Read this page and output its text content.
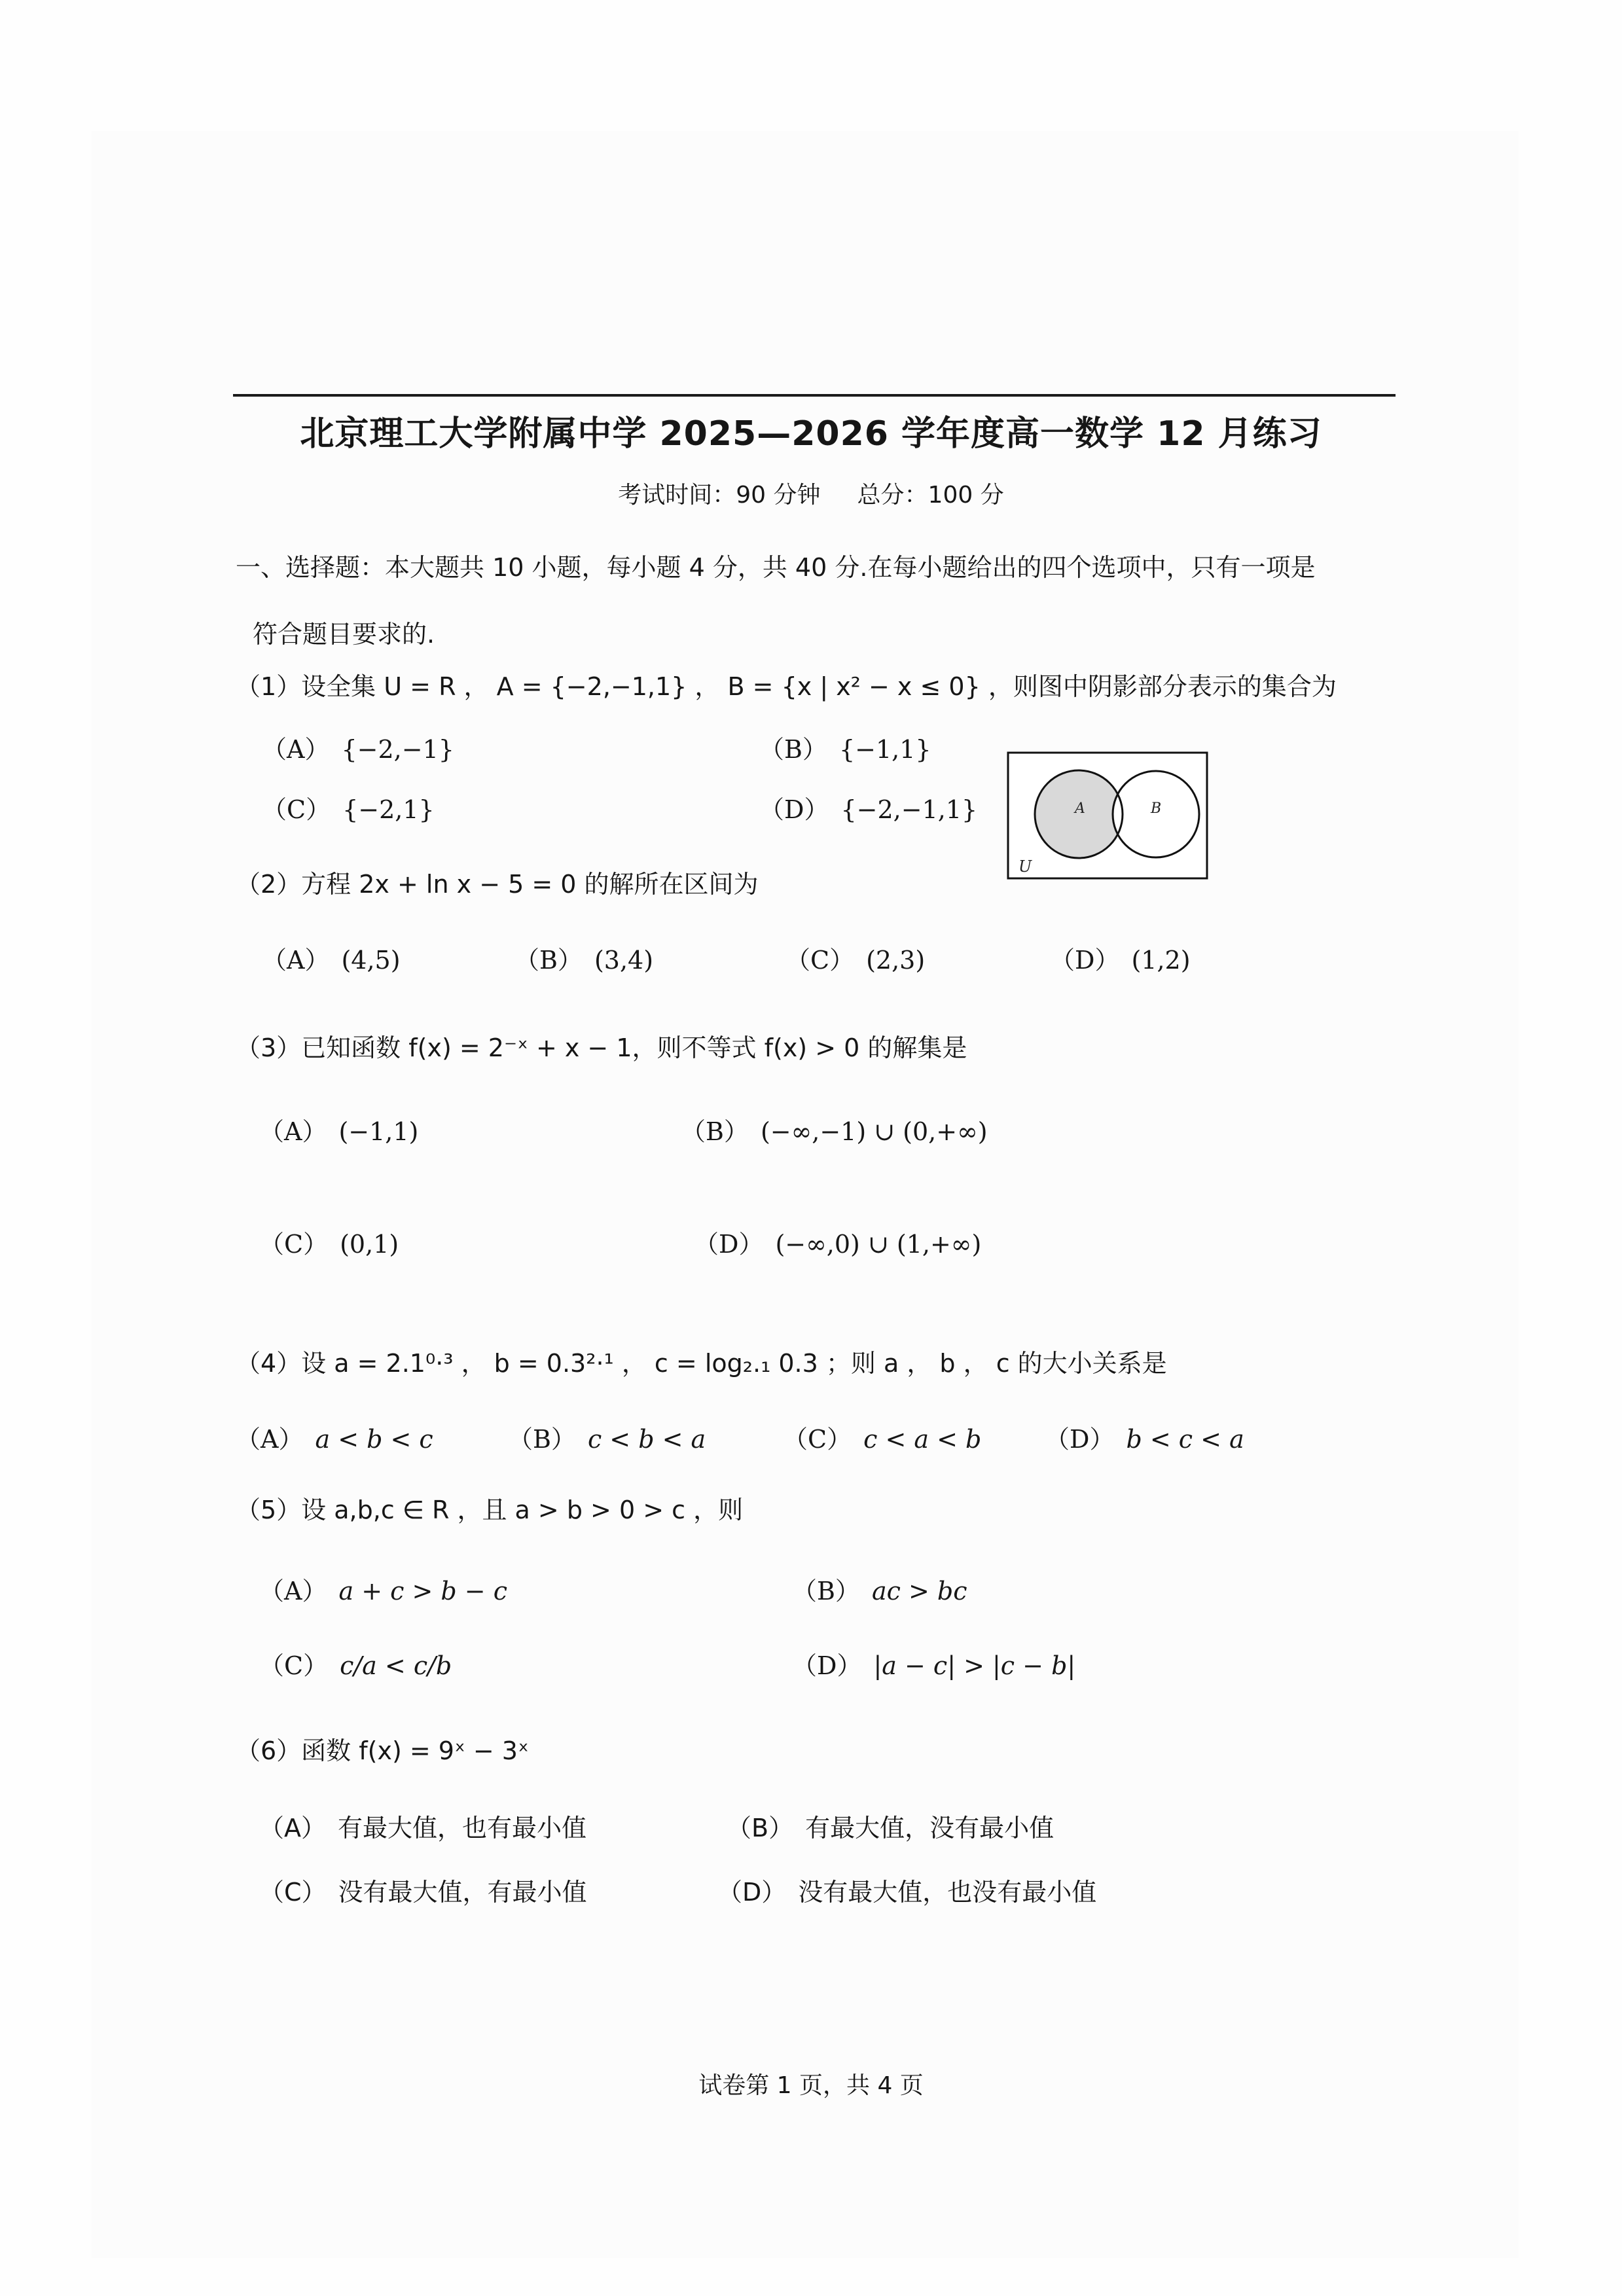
北京理工大学附属中学 2025—2026 学年度高一数学 12 月练习
考试时间：90 分钟 总分：100 分
一、选择题：本大题共 10 小题，每小题 4 分，共 40 分.在每小题给出的四个选项中，只有一项是
符合题目要求的.
（1）设全集 U = R ， A = {−2,−1,1} ， B = {x | x² − x ≤ 0} ，则图中阴影部分表示的集合为
（A） {−2,−1}	（B） {−1,1}
（C） {−2,1}	（D） {−2,−1,1}	A	B
U
（2）方程 2x + ln x − 5 = 0 的解所在区间为
（A） (4,5)	（B） (3,4)	（C） (2,3)	（D） (1,2)
（3）已知函数 f(x) = 2⁻ˣ + x − 1，则不等式 f(x) > 0 的解集是
（A） (−1,1)	（B） (−∞,−1) ∪ (0,+∞)
（C） (0,1)	（D） (−∞,0) ∪ (1,+∞)
（4）设 a = 2.1⁰·³ ， b = 0.3²·¹ ， c = log₂.₁ 0.3 ；则 a ， b ， c 的大小关系是
（A） a < b < c	（B） c < b < a	（C） c < a < b	（D） b < c < a
（5）设 a,b,c ∈ R ，且 a > b > 0 > c ，则
（A） a + c > b − c	（B） ac > bc
（C） c/a < c/b	（D） |a − c| > |c − b|
（6）函数 f(x) = 9ˣ − 3ˣ
（A） 有最大值，也有最小值	（B） 有最大值，没有最小值
（C） 没有最大值，有最小值	（D） 没有最大值，也没有最小值
试卷第 1 页，共 4 页
